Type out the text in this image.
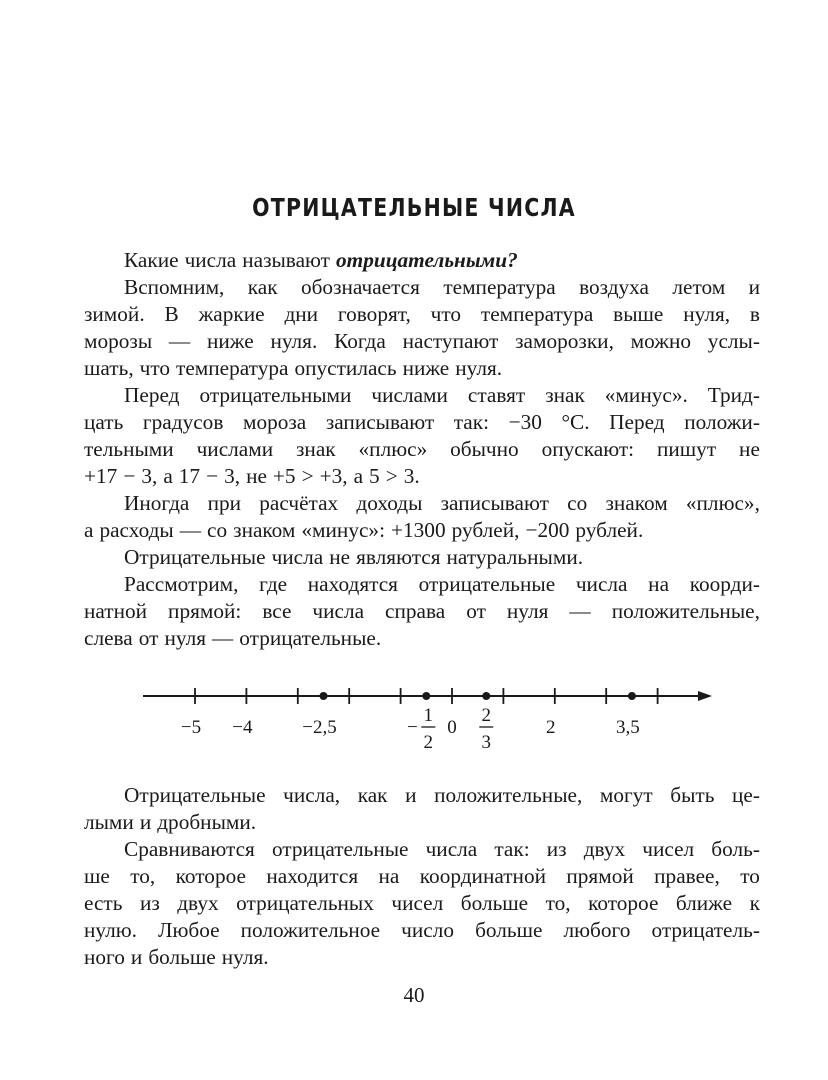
ОТРИЦАТЕЛЬНЫЕ ЧИСЛА
Какие числа называют отрицательными?
Вспомним, как обозначается температура воздуха летом и
зимой. В жаркие дни говорят, что температура выше нуля, в
морозы — ниже нуля. Когда наступают заморозки, можно услы-
шать, что температура опустилась ниже нуля.
Перед отрицательными числами ставят знак «минус». Трид-
цать градусов мороза записывают так: −30 °С. Перед положи-
тельными числами знак «плюс» обычно опускают: пишут не
+17 − 3, а 17 − 3, не +5 > +3, а 5 > 3.
Иногда при расчётах доходы записывают со знаком «плюс»,
а расходы — со знаком «минус»: +1300 рублей, −200 рублей.
Отрицательные числа не являются натуральными.
Рассмотрим, где находятся отрицательные числа на коорди-
натной прямой: все числа справа от нуля — положительные,
слева от нуля — отрицательные.
−5 −4	−2,5	−
1
2
0
2
3
2	3,5
Отрицательные числа, как и положительные, могут быть це-
лыми и дробными.
Сравниваются отрицательные числа так: из двух чисел боль-
ше то, которое находится на координатной прямой правее, то
есть из двух отрицательных чисел больше то, которое ближе к
нулю. Любое положительное число больше любого отрицатель-
ного и больше нуля.
40
